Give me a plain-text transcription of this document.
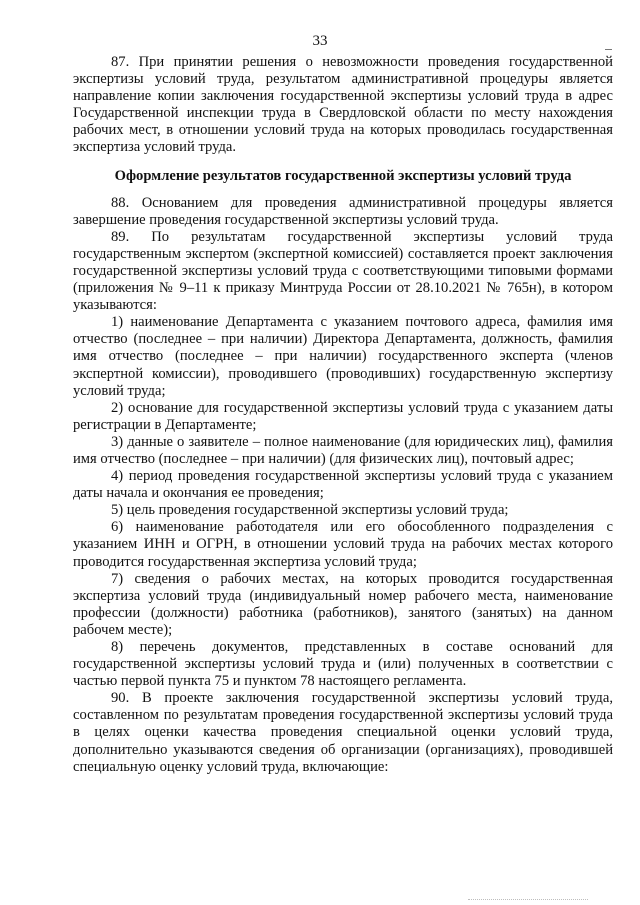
33

87. При принятии решения о невозможности проведения государственной экспертизы условий труда, результатом административной процедуры является направление копии заключения государственной экспертизы условий труда в адрес Государственной инспекции труда в Свердловской области по месту нахождения рабочих мест, в отношении условий труда на которых проводилась государственная экспертиза условий труда.

Оформление результатов государственной экспертизы условий труда

88. Основанием для проведения административной процедуры является завершение проведения государственной экспертизы условий труда.

89. По результатам государственной экспертизы условий труда государственным экспертом (экспертной комиссией) составляется проект заключения государственной экспертизы условий труда с соответствующими типовыми формами (приложения № 9–11 к приказу Минтруда России от 28.10.2021 № 765н), в котором указываются:

1) наименование Департамента с указанием почтового адреса, фамилия имя отчество (последнее – при наличии) Директора Департамента, должность, фамилия имя отчество (последнее – при наличии) государственного эксперта (членов экспертной комиссии), проводившего (проводивших) государственную экспертизу условий труда;

2) основание для государственной экспертизы условий труда с указанием даты регистрации в Департаменте;

3) данные о заявителе – полное наименование (для юридических лиц), фамилия имя отчество (последнее – при наличии) (для физических лиц), почтовый адрес;

4) период проведения государственной экспертизы условий труда с указанием даты начала и окончания ее проведения;

5) цель проведения государственной экспертизы условий труда;

6) наименование работодателя или его обособленного подразделения с указанием ИНН и ОГРН, в отношении условий труда на рабочих местах которого проводится государственная экспертиза условий труда;

7) сведения о рабочих местах, на которых проводится государственная экспертиза условий труда (индивидуальный номер рабочего места, наименование профессии (должности) работника (работников), занятого (занятых) на данном рабочем месте);

8) перечень документов, представленных в составе оснований для государственной экспертизы условий труда и (или) полученных в соответствии с частью первой пункта 75 и пунктом 78 настоящего регламента.

90. В проекте заключения государственной экспертизы условий труда, составленном по результатам проведения государственной экспертизы условий труда в целях оценки качества проведения специальной оценки условий труда, дополнительно указываются сведения об организации (организациях), проводившей специальную оценку условий труда, включающие:
